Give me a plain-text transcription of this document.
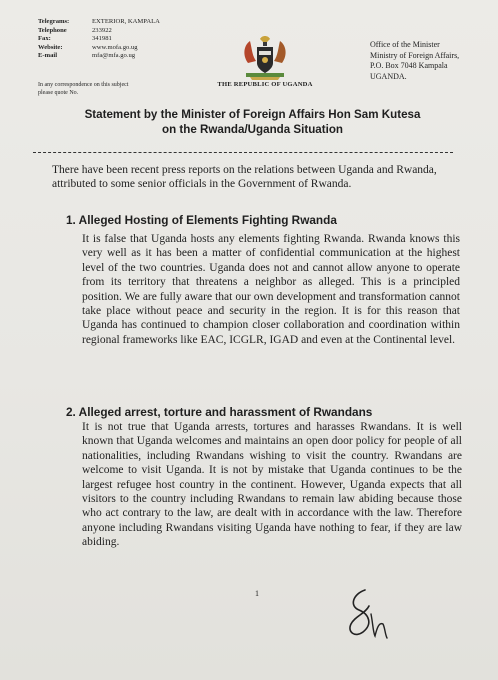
Telegrams:	EXTERIOR, KAMPALA
Telephone	233922
Fax:	341981
Website:	www.mofa.go.ug
E-mail	mfa@mfa.go.ug
In any correspondence on this subject please quote No.
THE REPUBLIC OF UGANDA
Office of the Minister
Ministry of Foreign Affairs,
P.O. Box 7048 Kampala
UGANDA.
Statement by the Minister of Foreign Affairs Hon Sam Kutesa
on the Rwanda/Uganda Situation
There have been recent press reports on the relations between Uganda and Rwanda, attributed to some senior officials in the Government of Rwanda.
1. Alleged Hosting of Elements Fighting Rwanda
It is false that Uganda hosts any elements fighting Rwanda. Rwanda knows this very well as it has been a matter of confidential communication at the highest level of the two countries. Uganda does not and cannot allow anyone to operate from its territory that threatens a neighbor as alleged. This is a principled position. We are fully aware that our own development and transformation cannot take place without peace and security in the region. It is for this reason that Uganda has continued to champion closer collaboration and coordination within regional frameworks like EAC, ICGLR, IGAD and even at the Continental level.
2. Alleged arrest, torture and harassment of Rwandans
It is not true that Uganda arrests, tortures and harasses Rwandans. It is well known that Uganda welcomes and maintains an open door policy for people of all nationalities, including Rwandans wishing to visit the country. Rwandans are welcome to visit Uganda. It is not by mistake that Uganda continues to be the largest refugee host country in the continent. However, Uganda expects that all visitors to the country including Rwandans to remain law abiding because those who act contrary to the law, are dealt with in accordance with the law. Therefore anyone including Rwandans visiting Uganda have nothing to fear, if they are law abiding.
1
